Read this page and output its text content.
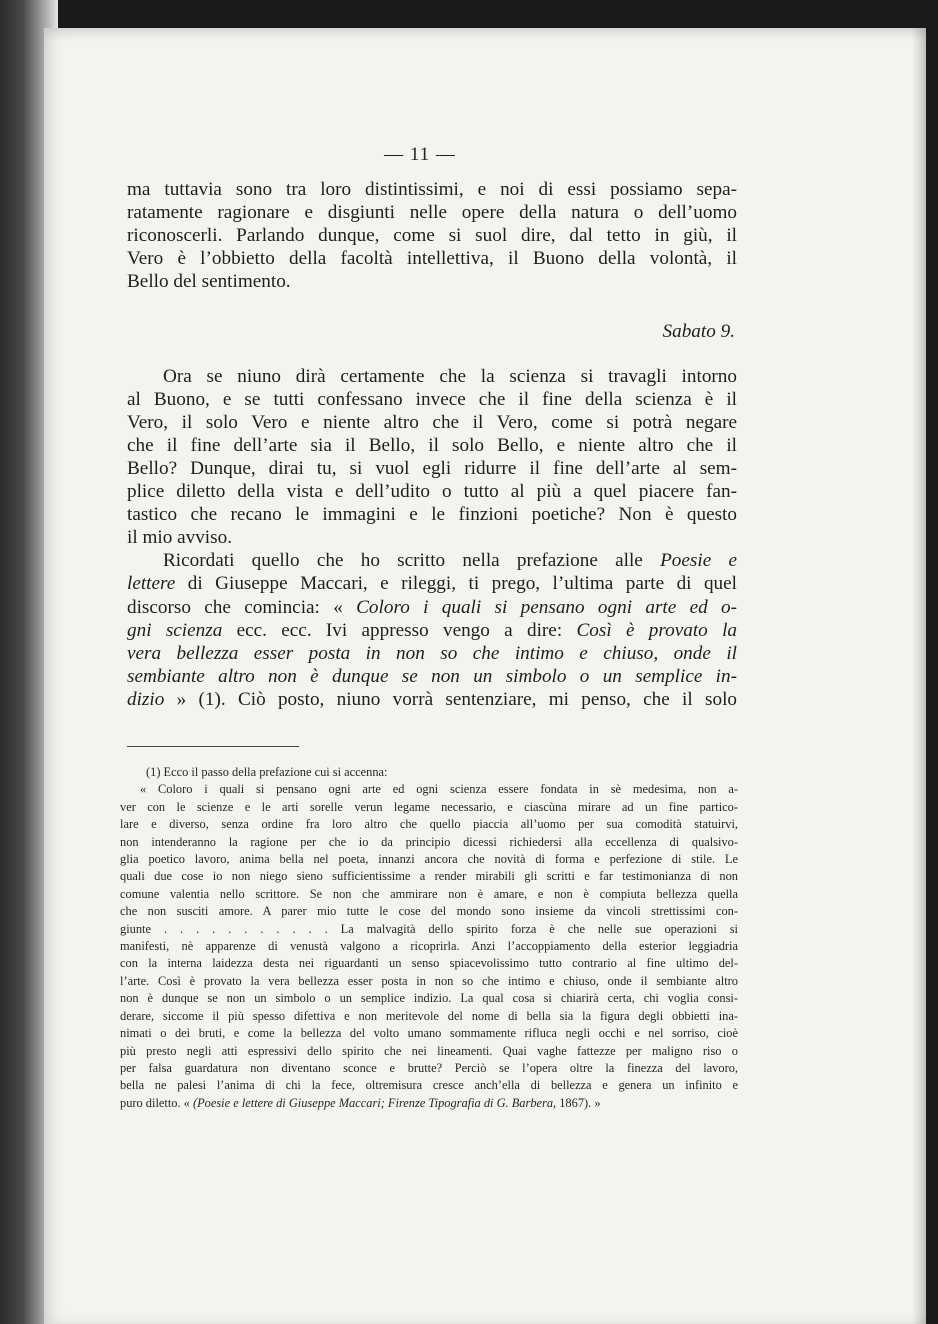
— 11 —
ma tuttavia sono tra loro distintissimi, e noi di essi possiamo sepa-
ratamente ragionare e disgiunti nelle opere della natura o dell’uomo
riconoscerli. Parlando dunque, come si suol dire, dal tetto in giù, il
Vero è l’obbietto della facoltà intellettiva, il Buono della volontà, il
Bello del sentimento.
Sabato 9.
Ora se niuno dirà certamente che la scienza si travagli intorno
al Buono, e se tutti confessano invece che il fine della scienza è il
Vero, il solo Vero e niente altro che il Vero, come si potrà negare
che il fine dell’arte sia il Bello, il solo Bello, e niente altro che il
Bello? Dunque, dirai tu, si vuol egli ridurre il fine dell’arte al sem-
plice diletto della vista e dell’udito o tutto al più a quel piacere fan-
tastico che recano le immagini e le finzioni poetiche? Non è questo
il mio avviso.
Ricordati quello che ho scritto nella prefazione alle Poesie e
lettere di Giuseppe Maccari, e rileggi, ti prego, l’ultima parte di quel
discorso che comincia: « Coloro i quali si pensano ogni arte ed o-
gni scienza ecc. ecc. Ivi appresso vengo a dire: Così è provato la
vera bellezza esser posta in non so che intimo e chiuso, onde il
sembiante altro non è dunque se non un simbolo o un semplice in-
dizio » (1). Ciò posto, niuno vorrà sentenziare, mi penso, che il solo
(1) Ecco il passo della prefazione cui si accenna:
« Coloro i quali si pensano ogni arte ed ogni scienza essere fondata in sè medesima, non a-
ver con le scienze e le arti sorelle verun legame necessario, e ciascùna mirare ad un fine partico-
lare e diverso, senza ordine fra loro altro che quello piaccia all’uomo per sua comodità statuirvi,
non intenderanno la ragione per che io da principio dicessi richiedersi alla eccellenza di qualsivo-
glia poetico lavoro, anima bella nel poeta, innanzi ancora che novità di forma e perfezione di stile. Le
quali due cose io non niego sieno sufficientissime a render mirabili gli scritti e far testimonianza di non
comune valentia nello scrittore. Se non che ammirare non è amare, e non è compiuta bellezza quella
che non susciti amore. A parer mio tutte le cose del mondo sono insieme da vincoli strettissimi con-
giunte . . . . . . . . . . . La malvagità dello spirito forza è che nelle sue operazioni si
manifesti, nè apparenze di venustà valgono a ricoprirla. Anzi l’accoppiamento della esterior leggiadria
con la interna laidezza desta nei riguardanti un senso spiacevolissimo tutto contrario al fine ultimo del-
l’arte. Così è provato la vera bellezza esser posta in non so che intimo e chiuso, onde il sembiante altro
non è dunque se non un simbolo o un semplice indizio. La qual cosa si chiarirà certa, chi voglia consi-
derare, siccome il più spesso difettiva e non meritevole del nome di bella sia la figura degli obbietti ina-
nimati o dei bruti, e come la bellezza del volto umano sommamente rifluca negli occhi e nel sorriso, cioè
più presto negli atti espressivi dello spirito che nei lineamenti. Quai vaghe fattezze per maligno riso o
per falsa guardatura non diventano sconce e brutte? Perciò se l’opera oltre la finezza del lavoro,
bella ne palesi l’anima di chi la fece, oltremisura cresce anch’ella di bellezza e genera un infinito e
puro diletto. « (Poesie e lettere di Giuseppe Maccari; Firenze Tipografia di G. Barbera, 1867). »
